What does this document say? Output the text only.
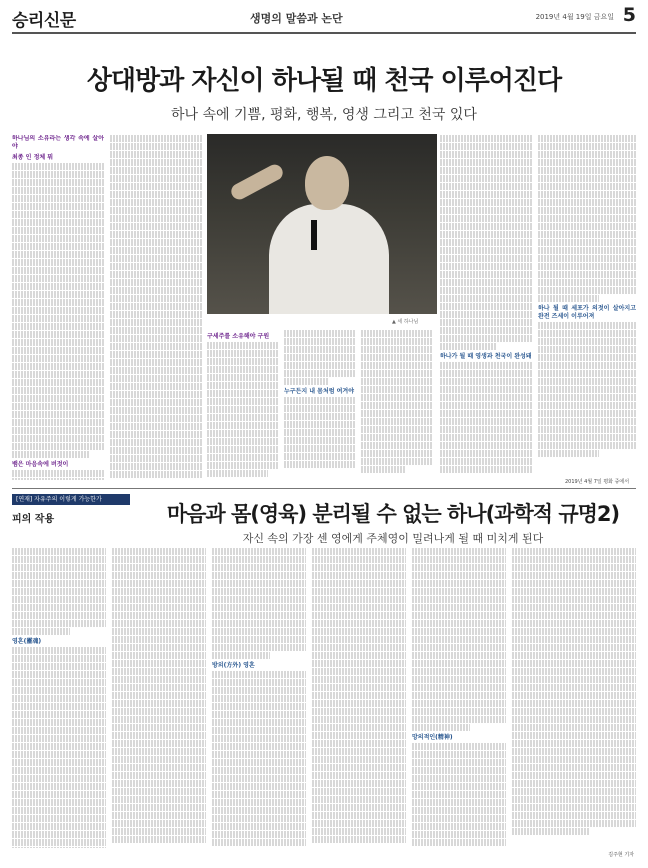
승리신문	생명의 말씀과 논단	2019년 4월 19일 금요일 5
상대방과 자신이 하나될 때 천국 이루어진다
하나 속에 기쁨, 평화, 행복, 영생 그리고 천국 있다
하나님의 소유라는 생각 속에 살아야
최종 인 정체 뭐
뱀은 마음속에 버젓이
▲ 세 하나님
구세주를 소유해야 구원
누구든지 내 몸처럼 여겨야
하나가 될 때 영생과 천국이 완성돼
하나 될 때 세포가 의젓이 살아지고 완전 즈세이 이루어져
2019년 4월 7일 평화 중에서
[연재] 자유주의 이렇게 가능한가
피의 작용	마음과 몸(영육) 분리될 수 없는 하나(과학적 규명2)
자신 속의 가장 센 영에게 주체영이 밀려나게 될 때 미치게 된다
영혼(靈魂)
방외(方外) 영혼
망의적인(精神)
김주현 기자
